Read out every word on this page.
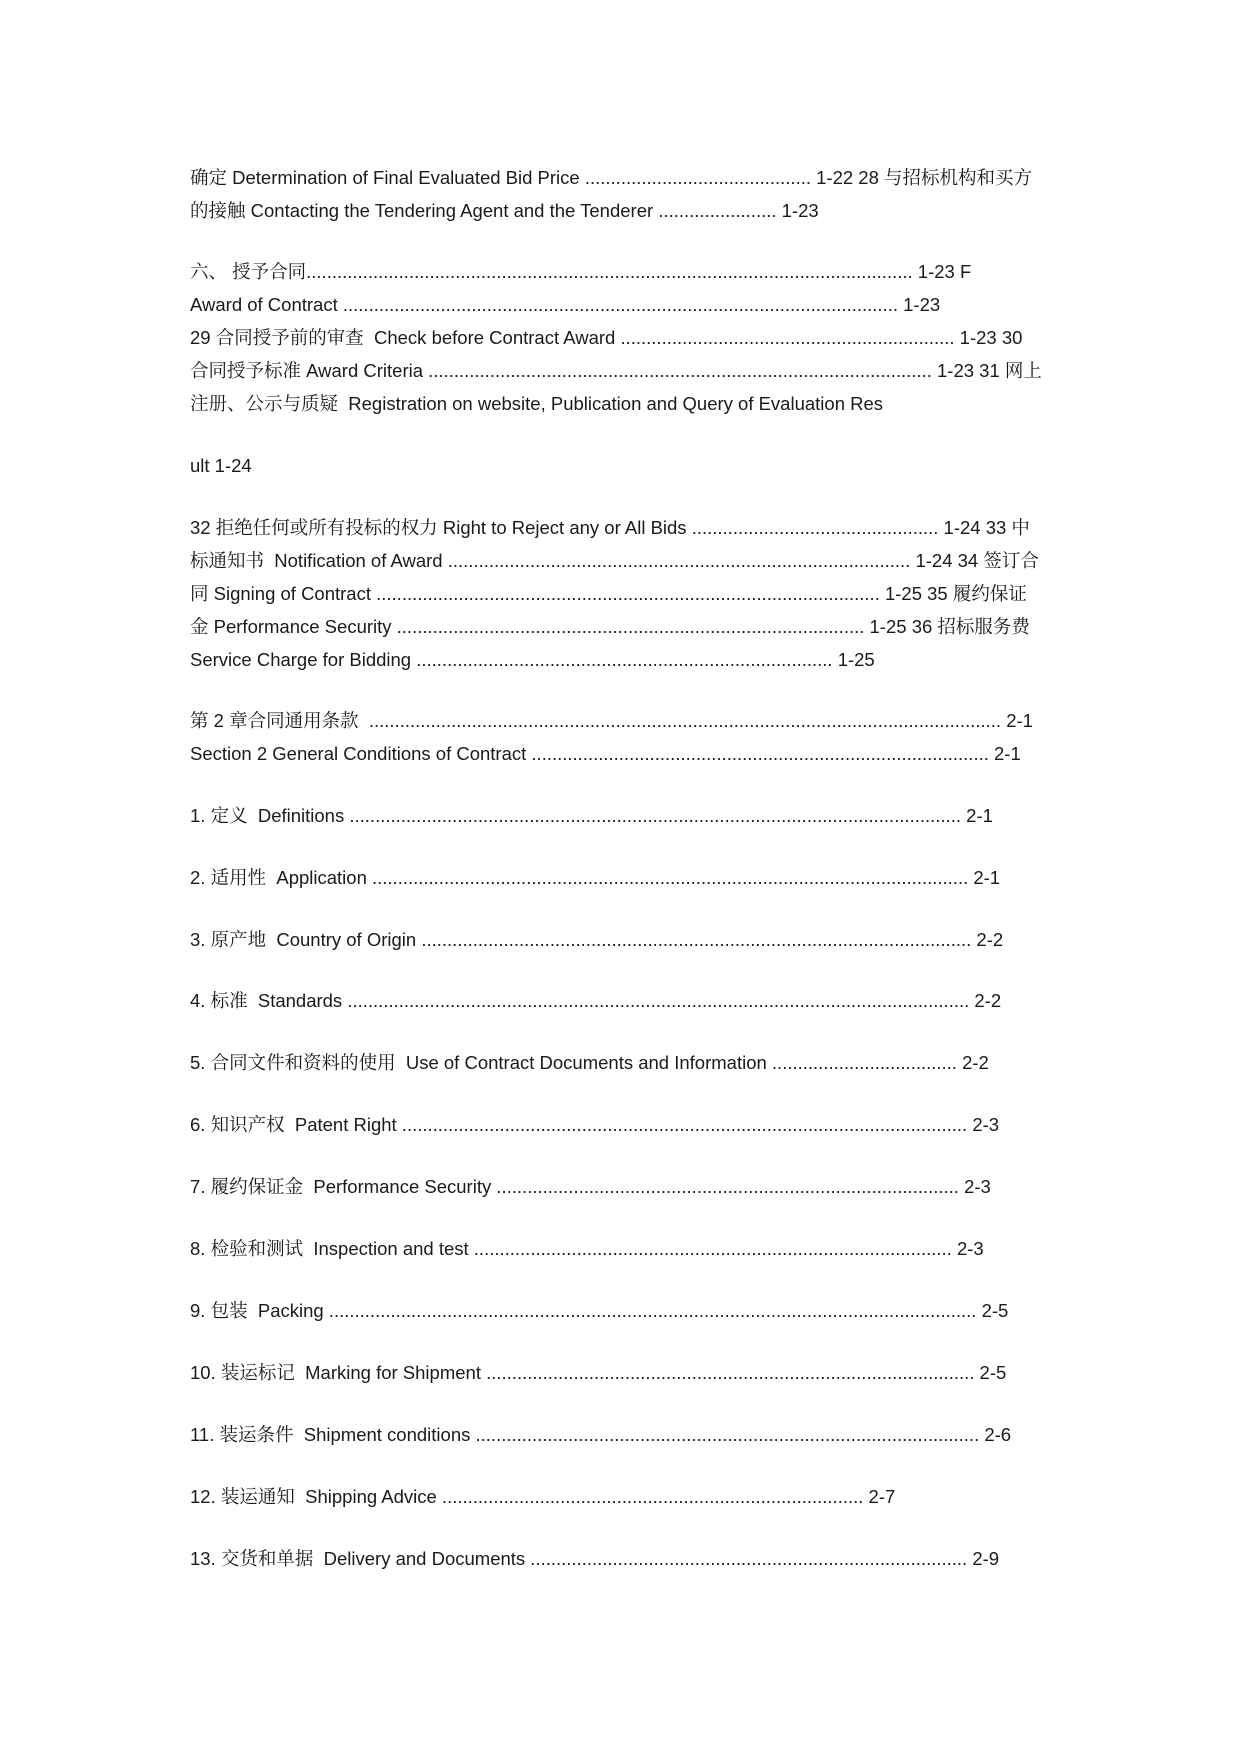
确定 Determination of Final Evaluated Bid Price ............................................ 1-22 28 与招标机构和买方

的接触 Contacting the Tendering Agent and the Tenderer ....................... 1-23

六、 授予合同...................................................................................................................... 1-23 F

Award of Contract ............................................................................................................ 1-23

29 合同授予前的审查  Check before Contract Award ................................................................. 1-23 30

合同授予标准 Award Criteria .................................................................................................. 1-23 31 网上

注册、公示与质疑  Registration on website, Publication and Query of Evaluation Res

ult 1-24

32 拒绝任何或所有投标的权力 Right to Reject any or All Bids ................................................ 1-24 33 中

标通知书  Notification of Award .......................................................................................... 1-24 34 签订合

同 Signing of Contract .................................................................................................. 1-25 35 履约保证

金 Performance Security ........................................................................................... 1-25 36 招标服务费

Service Charge for Bidding ................................................................................. 1-25

第 2 章合同通用条款  ........................................................................................................................... 2-1

Section 2 General Conditions of Contract ......................................................................................... 2-1

1. 定义  Definitions ....................................................................................................................... 2-1

2. 适用性  Application .................................................................................................................... 2-1

3. 原产地  Country of Origin ........................................................................................................... 2-2

4. 标准  Standards ......................................................................................................................... 2-2

5. 合同文件和资料的使用  Use of Contract Documents and Information .................................... 2-2

6. 知识产权  Patent Right .............................................................................................................. 2-3

7. 履约保证金  Performance Security .......................................................................................... 2-3

8. 检验和测试  Inspection and test ............................................................................................. 2-3

9. 包装  Packing .............................................................................................................................. 2-5

10. 装运标记  Marking for Shipment ............................................................................................... 2-5

11. 装运条件  Shipment conditions .................................................................................................. 2-6

12. 装运通知  Shipping Advice .................................................................................. 2-7

13. 交货和单据  Delivery and Documents ..................................................................................... 2-9
